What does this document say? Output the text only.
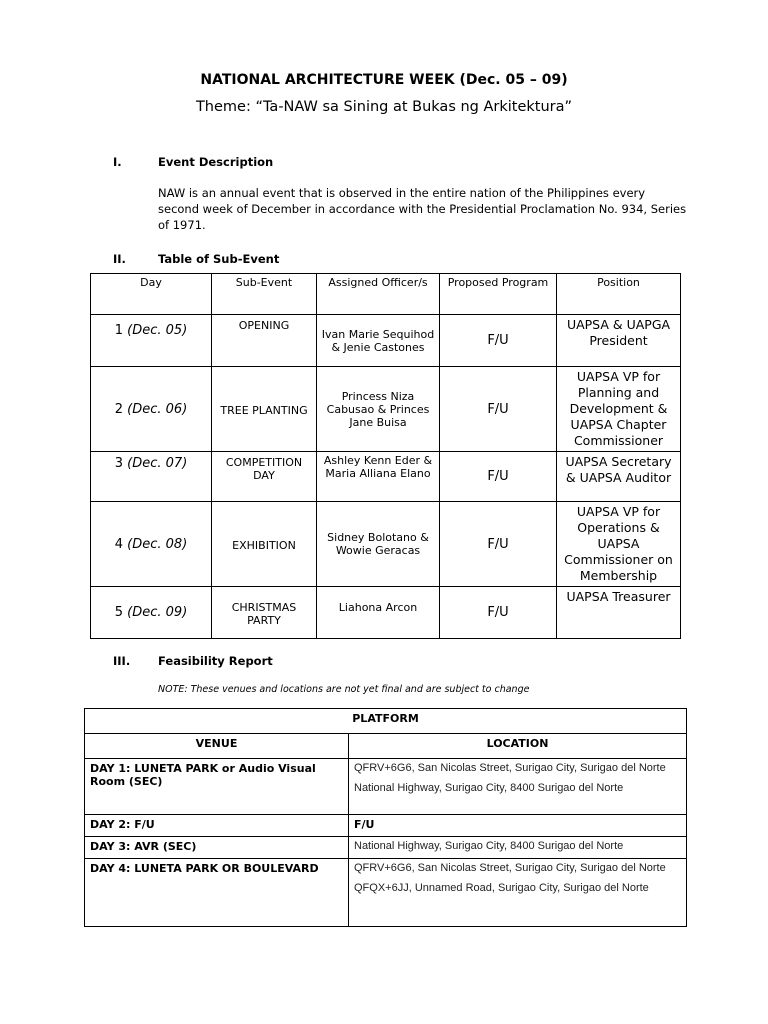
NATIONAL ARCHITECTURE WEEK (Dec. 05 – 09)
Theme: “Ta-NAW sa Sining at Bukas ng Arkitektura”
I.	Event Description
NAW is an annual event that is observed in the entire nation of the Philippines every second week of December in accordance with the Presidential Proclamation No. 934, Series of 1971.
II.	Table of Sub-Event
Day	Sub-Event	Assigned Officer/s	Proposed Program	Position
1 (Dec. 05)	OPENING	Ivan Marie Sequihod & Jenie Castones	F/U	UAPSA & UAPGA President
2 (Dec. 06)	TREE PLANTING	Princess Niza Cabusao & Princes Jane Buisa	F/U	UAPSA VP for Planning and Development & UAPSA Chapter Commissioner
3 (Dec. 07)	COMPETITION DAY	Ashley Kenn Eder & Maria Alliana Elano	F/U	UAPSA Secretary & UAPSA Auditor
4 (Dec. 08)	EXHIBITION	Sidney Bolotano & Wowie Geracas	F/U	UAPSA VP for Operations & UAPSA Commissioner on Membership
5 (Dec. 09)	CHRISTMAS PARTY	Liahona Arcon	F/U	UAPSA Treasurer
III. Feasibility Report
NOTE: These venues and locations are not yet final and are subject to change
PLATFORM	
VENUE	LOCATION
DAY 1: LUNETA PARK or Audio Visual Room (SEC)	QFRV+6G6, San Nicolas Street, Surigao City, Surigao del Norte
National Highway, Surigao City, 8400 Surigao del Norte

DAY 2: F/U	F/U

DAY 3: AVR (SEC)	National Highway, Surigao City, 8400 Surigao del Norte

DAY 4: LUNETA PARK OR BOULEVARD	QFRV+6G6, San Nicolas Street, Surigao City, Surigao del Norte
QFQX+6JJ, Unnamed Road, Surigao City, Surigao del Norte
